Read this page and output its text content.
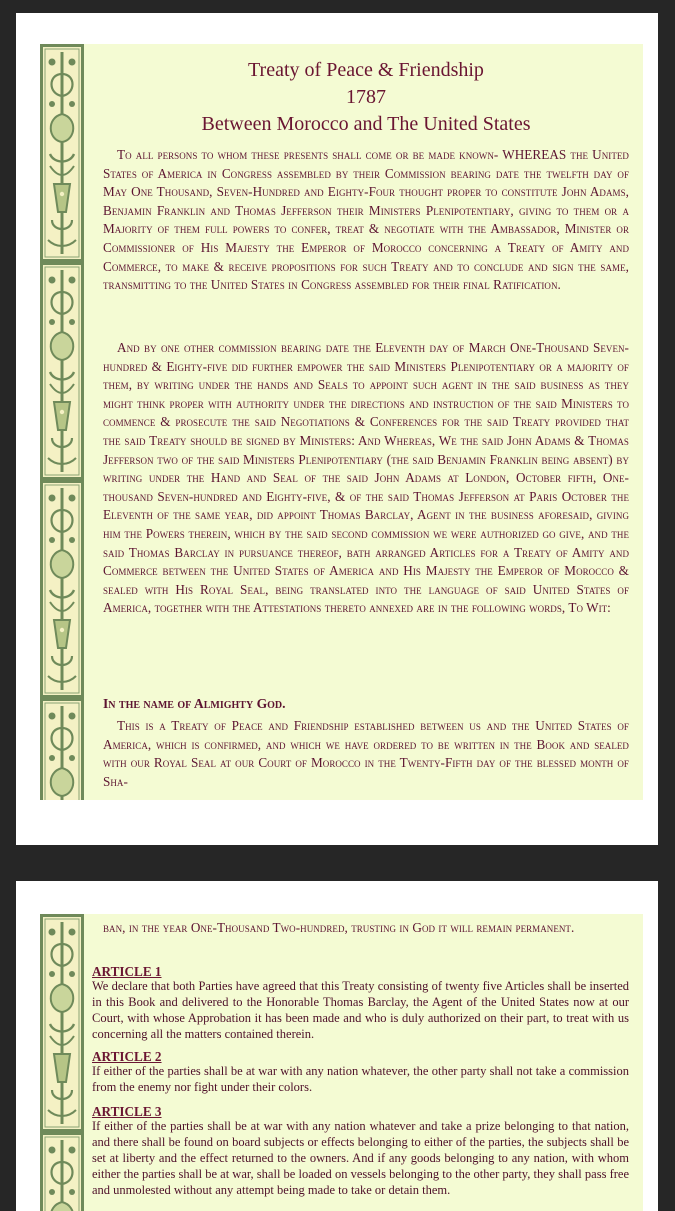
Treaty of Peace & Friendship
1787
Between Morocco and The United States

To all persons to whom these presents shall come or be made known- WHEREAS the United States of America in Congress assembled by their Commission bearing date the twelfth day of May One Thousand, Seven-Hundred and Eighty-Four thought proper to constitute John Adams, Benjamin Franklin and Thomas Jefferson their Ministers Plenipotentiary, giving to them or a Majority of them full powers to confer, treat & negotiate with the Ambassador, Minister or Commissioner of His Majesty the Emperor of Morocco concerning a Treaty of Amity and Commerce, to make & receive propositions for such Treaty and to conclude and sign the same, transmitting to the United States in Congress assembled for their final Ratification.

And by one other commission bearing date the Eleventh day of March One-Thousand Seven-hundred & Eighty-five did further empower the said Ministers Plenipotentiary or a majority of them, by writing under the hands and Seals to appoint such agent in the said business as they might think proper with authority under the directions and instruction of the said Ministers to commence & prosecute the said Negotiations & Conferences for the said Treaty provided that the said Treaty should be signed by Ministers: And Whereas, We the said John Adams & Thomas Jefferson two of the said Ministers Plenipotentiary (the said Benjamin Franklin being absent) by writing under the Hand and Seal of the said John Adams at London, October fifth, One-thousand Seven-hundred and Eighty-five, & of the said Thomas Jefferson at Paris October the Eleventh of the same year, did appoint Thomas Barclay, Agent in the business aforesaid, giving him the Powers therein, which by the said second commission we were authorized go give, and the said Thomas Barclay in pursuance thereof, bath arranged Articles for a Treaty of Amity and Commerce between the United States of America and His Majesty the Emperor of Morocco & sealed with His Royal Seal, being translated into the language of said United States of America, together with the Attestations thereto annexed are in the following words, To Wit:

In the name of Almighty God.

This is a Treaty of Peace and Friendship established between us and the United States of America, which is confirmed, and which we have ordered to be written in the Book and sealed with our Royal Seal at our Court of Morocco in the Twenty-Fifth day of the blessed month of Sha-

ban, in the year One-Thousand Two-hundred, trusting in God it will remain permanent.

ARTICLE 1

We declare that both Parties have agreed that this Treaty consisting of twenty five Articles shall be inserted in this Book and delivered to the Honorable Thomas Barclay, the Agent of the United States now at our Court, with whose Approbation it has been made and who is duly authorized on their part, to treat with us concerning all the matters contained therein.

ARTICLE 2

If either of the parties shall be at war with any nation whatever, the other party shall not take a commission from the enemy nor fight under their colors.

ARTICLE 3

If either of the parties shall be at war with any nation whatever and take a prize belonging to that nation, and there shall be found on board subjects or effects belonging to either of the parties, the subjects shall be set at liberty and the effect returned to the owners. And if any goods belonging to any nation, with whom either the parties shall be at war, shall be loaded on vessels belonging to the other party, they shall pass free and unmolested without any attempt being made to take or detain them.
